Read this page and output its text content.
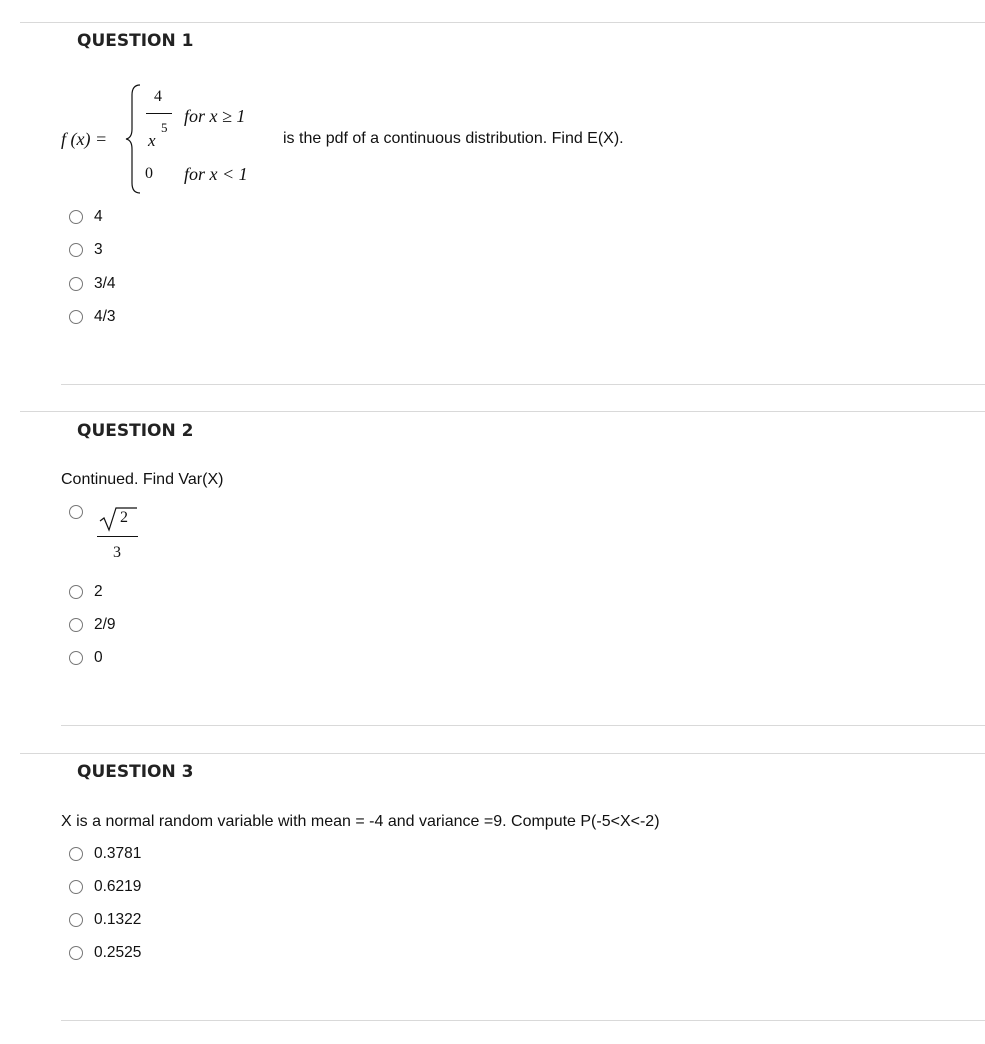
QUESTION 1
f (x) =
4
x
5
for x ≥ 1
0 for x < 1
is the pdf of a continuous distribution. Find E(X).
4
3
3/4
4/3
QUESTION 2
Continued. Find Var(X)
2
3
2
2/9
0
QUESTION 3
X is a normal random variable with mean = -4 and variance =9. Compute P(-5<X<-2)
0.3781
0.6219
0.1322
0.2525
